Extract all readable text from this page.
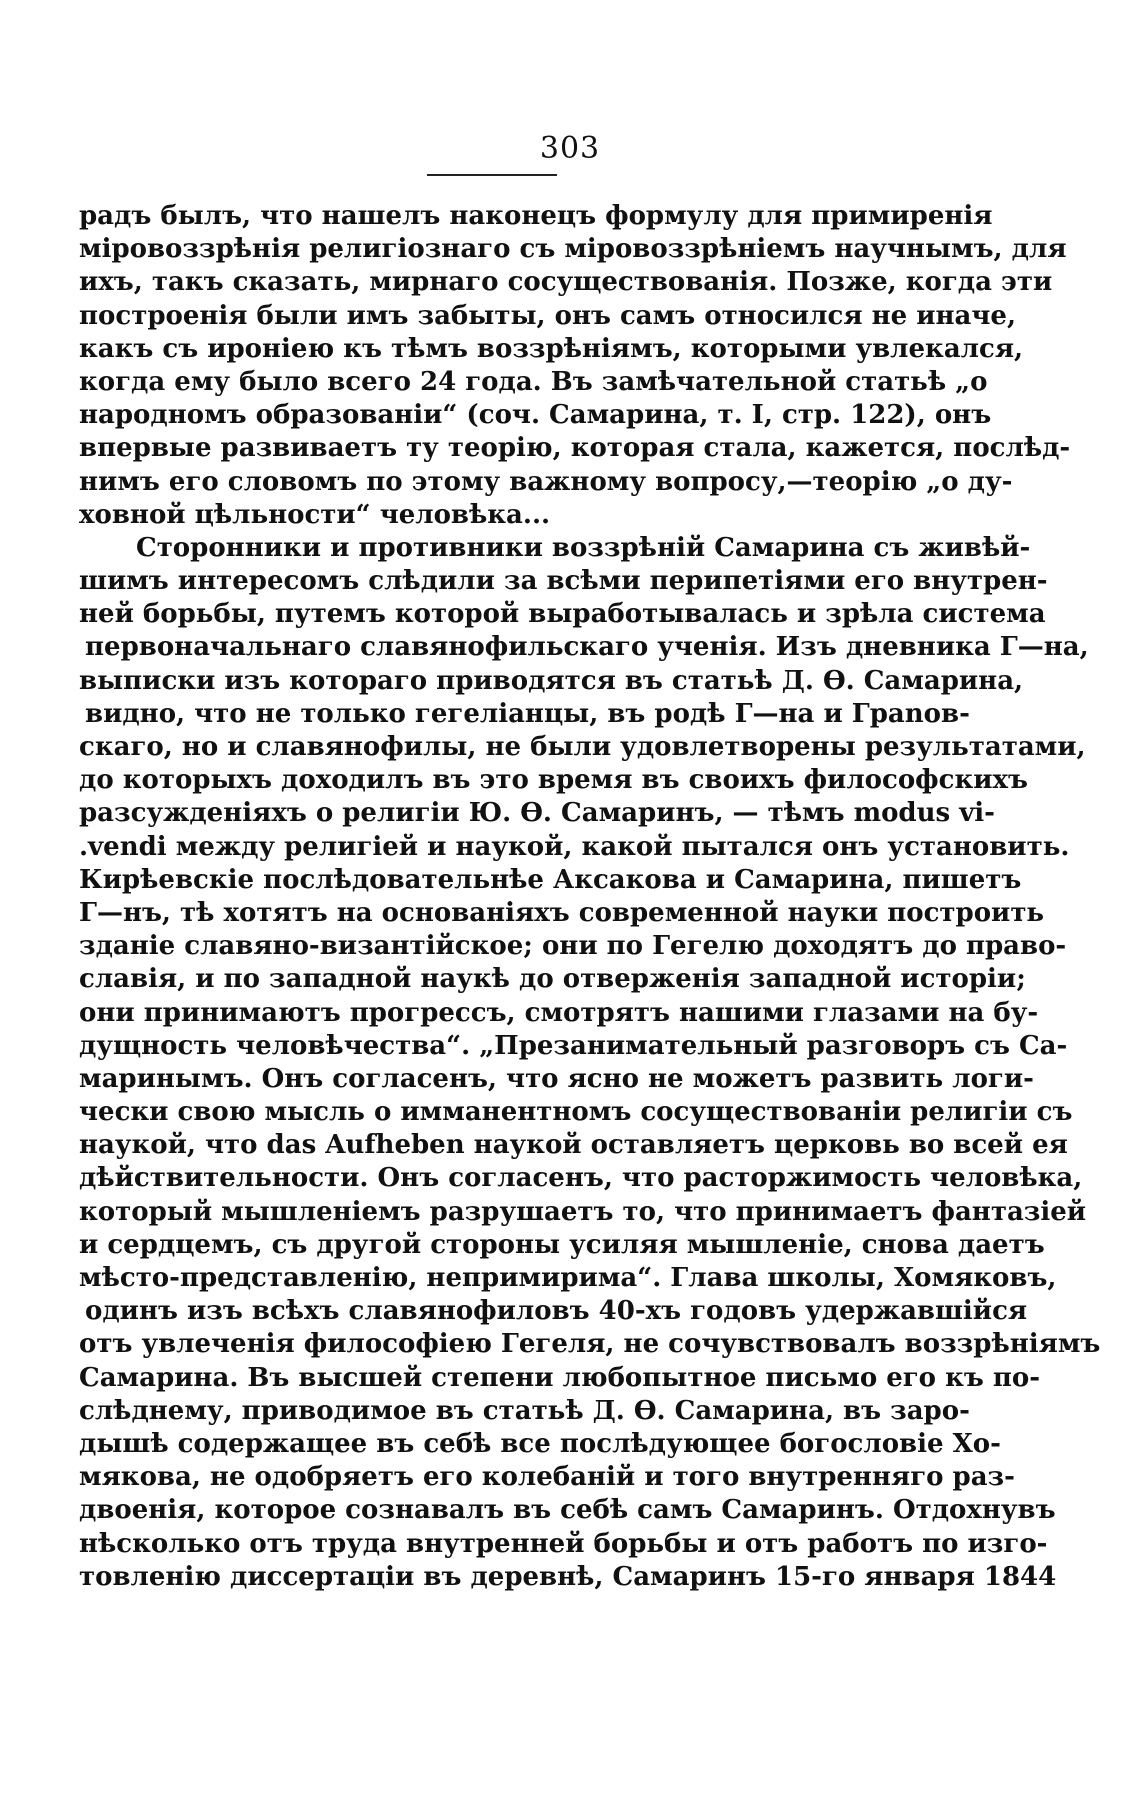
303
радъ былъ, что нашелъ наконецъ формулу для примиренія
міровоззрѣнія религіознаго съ міровоззрѣніемъ научнымъ, для
ихъ, такъ сказать, мирнаго сосуществованія. Позже, когда эти
построенія были имъ забыты, онъ самъ относился не иначе,
какъ съ ироніею къ тѣмъ воззрѣніямъ, которыми увлекался,
когда ему было всего 24 года. Въ замѣчательной статьѣ „о
народномъ образованіи“ (соч. Самарина, т. I, стр. 122), онъ
впервые развиваетъ ту теорію, которая стала, кажется, послѣд-
нимъ его словомъ по этому важному вопросу,—теорію „о ду-
ховной цѣльности“ человѣка...
Сторонники и противники воззрѣній Самарина съ живѣй-
шимъ интересомъ слѣдили за всѣми перипетіями его внутрен-
ней борьбы, путемъ которой выработывалась и зрѣла система
первоначальнаго славянофильскаго ученія. Изъ дневника Г—на,
выписки изъ котораго приводятся въ статьѣ Д. Ѳ. Самарина,
видно, что не только гегеліанцы, въ родѣ Г—на и Грanов-
скаго, но и славянофилы, не были удовлетворены результатами,
до которыхъ доходилъ въ это время въ своихъ философскихъ
разсужденіяхъ о религіи Ю. Ѳ. Самаринъ, — тѣмъ modus vi-
.vendi между религіей и наукой, какой пытался онъ установить.
Кирѣевскіе послѣдовательнѣе Аксакова и Самарина, пишетъ
Г—нъ, тѣ хотятъ на основаніяхъ современной науки построить
зданіе славяно-византійское; они по Гегелю доходятъ до право-
славія, и по западной наукѣ до отверженія западной исторіи;
они принимаютъ прогрессъ, смотрятъ нашими глазами на бу-
дущность человѣчества“. „Презанимательный разговоръ съ Са-
маринымъ. Онъ согласенъ, что ясно не можетъ развить логи-
чески свою мысль о имманентномъ сосуществованіи религіи съ
наукой, что das Aufheben наукой оставляетъ церковь во всей ея
дѣйствительности. Онъ согласенъ, что расторжимость человѣка,
который мышленіемъ разрушаетъ то, что принимаетъ фантазіей
и сердцемъ, съ другой стороны усиляя мышленіе, снова даетъ
мѣсто-представленію, непримирима“. Глава школы, Хомяковъ,
одинъ изъ всѣхъ славянофиловъ 40-хъ годовъ удержавшійся
отъ увлеченія философіею Гегеля, не сочувствовалъ воззрѣніямъ
Самарина. Въ высшей степени любопытное письмо его къ по-
слѣднему, приводимое въ статьѣ Д. Ѳ. Самарина, въ заро-
дышѣ содержащее въ себѣ все послѣдующее богословіе Хо-
мякова, не одобряетъ его колебаній и того внутренняго раз-
двоенія, которое сознавалъ въ себѣ самъ Самаринъ. Отдохнувъ
нѣсколько отъ труда внутренней борьбы и отъ работъ по изго-
товленію диссертаціи въ деревнѣ, Самаринъ 15-го января 1844
